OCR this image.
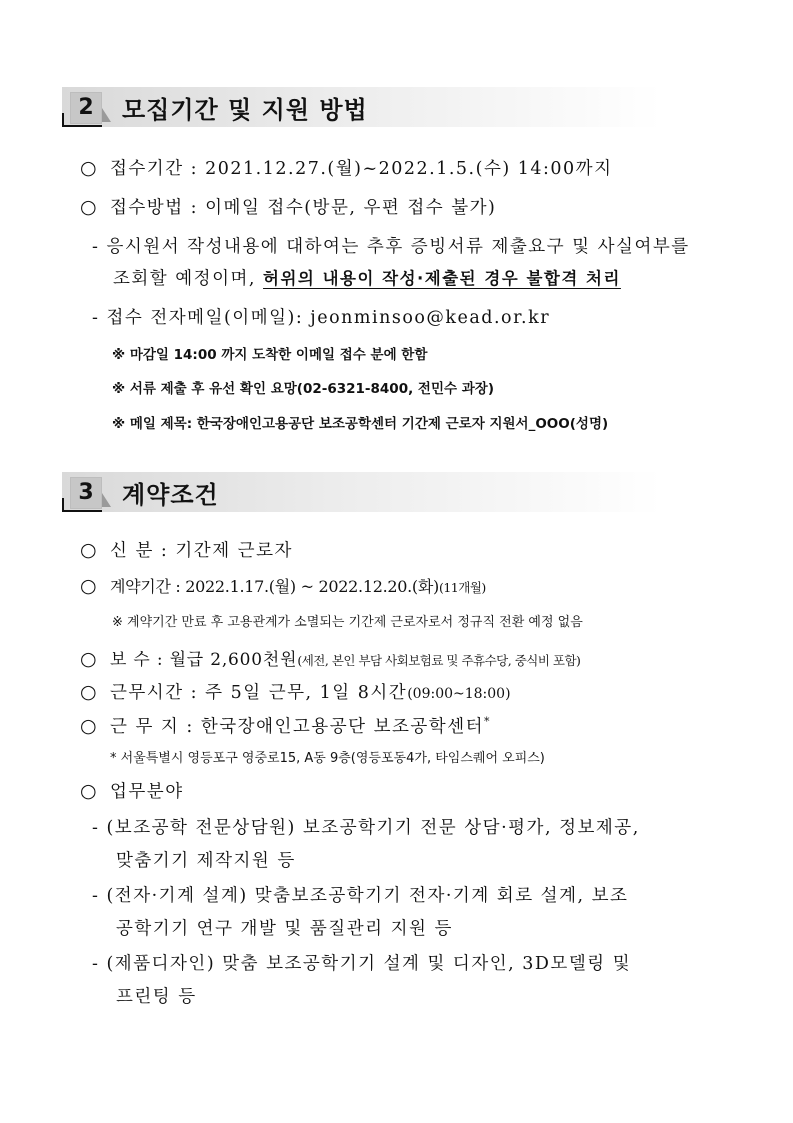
2	모집기간 및 지원 방법
○ 접수기간 : 2021.12.27.(월)~2022.1.5.(수) 14:00까지
○ 접수방법 : 이메일 접수(방문, 우편 접수 불가)
- 응시원서 작성내용에 대하여는 추후 증빙서류 제출요구 및 사실여부를
조회할 예정이며, 허위의 내용이 작성·제출된 경우 불합격 처리
- 접수 전자메일(이메일): jeonminsoo@kead.or.kr
※ 마감일 14:00 까지 도착한 이메일 접수 분에 한함
※ 서류 제출 후 유선 확인 요망(02-6321-8400, 전민수 과장)
※ 메일 제목: 한국장애인고용공단 보조공학센터 기간제 근로자 지원서_OOO(성명)
3	계약조건
○ 신 분 : 기간제 근로자
○ 계약기간 : 2022.1.17.(월) ~ 2022.12.20.(화)(11개월)
※ 계약기간 만료 후 고용관계가 소멸되는 기간제 근로자로서 정규직 전환 예정 없음
○ 보 수 : 월급 2,600천원(세전, 본인 부담 사회보험료 및 주휴수당, 중식비 포함)
○ 근무시간 : 주 5일 근무, 1일 8시간(09:00~18:00)
○ 근 무 지 : 한국장애인고용공단 보조공학센터*
* 서울특별시 영등포구 영중로15, A동 9층(영등포동4가, 타임스퀘어 오피스)
○ 업무분야
- (보조공학 전문상담원) 보조공학기기 전문 상담·평가, 정보제공,
맞춤기기 제작지원 등
- (전자·기계 설계) 맞춤보조공학기기 전자·기계 회로 설계, 보조
공학기기 연구 개발 및 품질관리 지원 등
- (제품디자인) 맞춤 보조공학기기 설계 및 디자인, 3D모델링 및
프린팅 등
